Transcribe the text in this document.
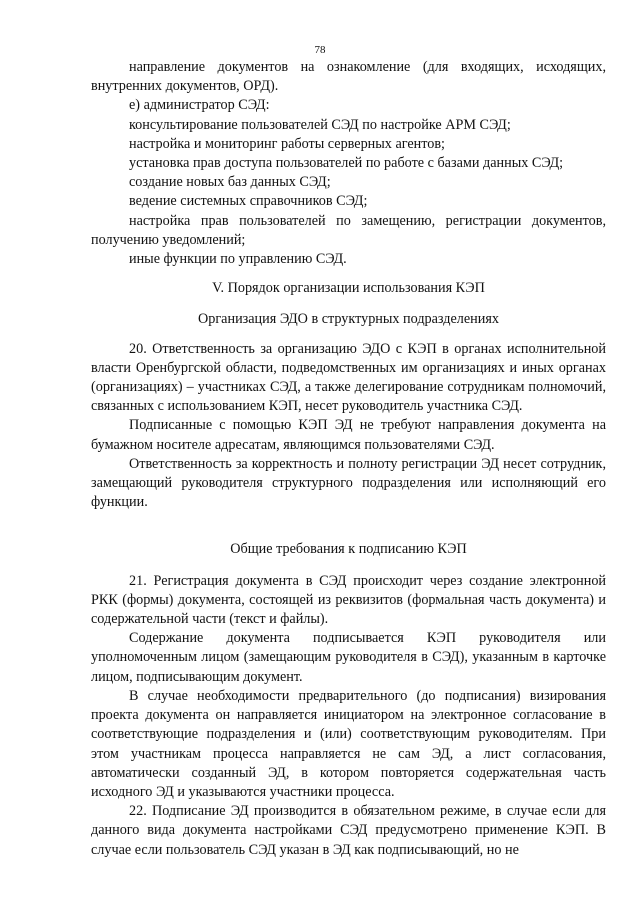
78

направление документов на ознакомление (для входящих, исходящих, внутренних документов, ОРД).

е) администратор СЭД:

консультирование пользователей СЭД по настройке АРМ СЭД;

настройка и мониторинг работы серверных агентов;

установка прав доступа пользователей по работе с базами данных СЭД;

создание новых баз данных СЭД;

ведение системных справочников СЭД;

настройка прав пользователей по замещению, регистрации документов, получению уведомлений;

иные функции по управлению СЭД.

V. Порядок организации использования КЭП

Организация ЭДО в структурных подразделениях

20. Ответственность за организацию ЭДО с КЭП в органах исполнительной власти Оренбургской области, подведомственных им организациях и иных органах (организациях) – участниках СЭД, а также делегирование сотрудникам полномочий, связанных с использованием КЭП, несет руководитель участника СЭД.

Подписанные с помощью КЭП ЭД не требуют направления документа на бумажном носителе адресатам, являющимся пользователями СЭД.

Ответственность за корректность и полноту регистрации ЭД несет сотрудник, замещающий руководителя структурного подразделения или исполняющий его функции.

Общие требования к подписанию КЭП

21. Регистрация документа в СЭД происходит через создание электронной РКК (формы) документа, состоящей из реквизитов (формальная часть документа) и содержательной части (текст и файлы).

Содержание документа подписывается КЭП руководителя или уполномоченным лицом (замещающим руководителя в СЭД), указанным в карточке лицом, подписывающим документ.

В случае необходимости предварительного (до подписания) визирования проекта документа он направляется инициатором на электронное согласование в соответствующие подразделения и (или) соответствующим руководителям. При этом участникам процесса направляется не сам ЭД, а лист согласования, автоматически созданный ЭД, в котором повторяется содержательная часть исходного ЭД и указываются участники процесса.

22. Подписание ЭД производится в обязательном режиме, в случае если для данного вида документа настройками СЭД предусмотрено применение КЭП. В случае если пользователь СЭД указан в ЭД как подписывающий, но не
